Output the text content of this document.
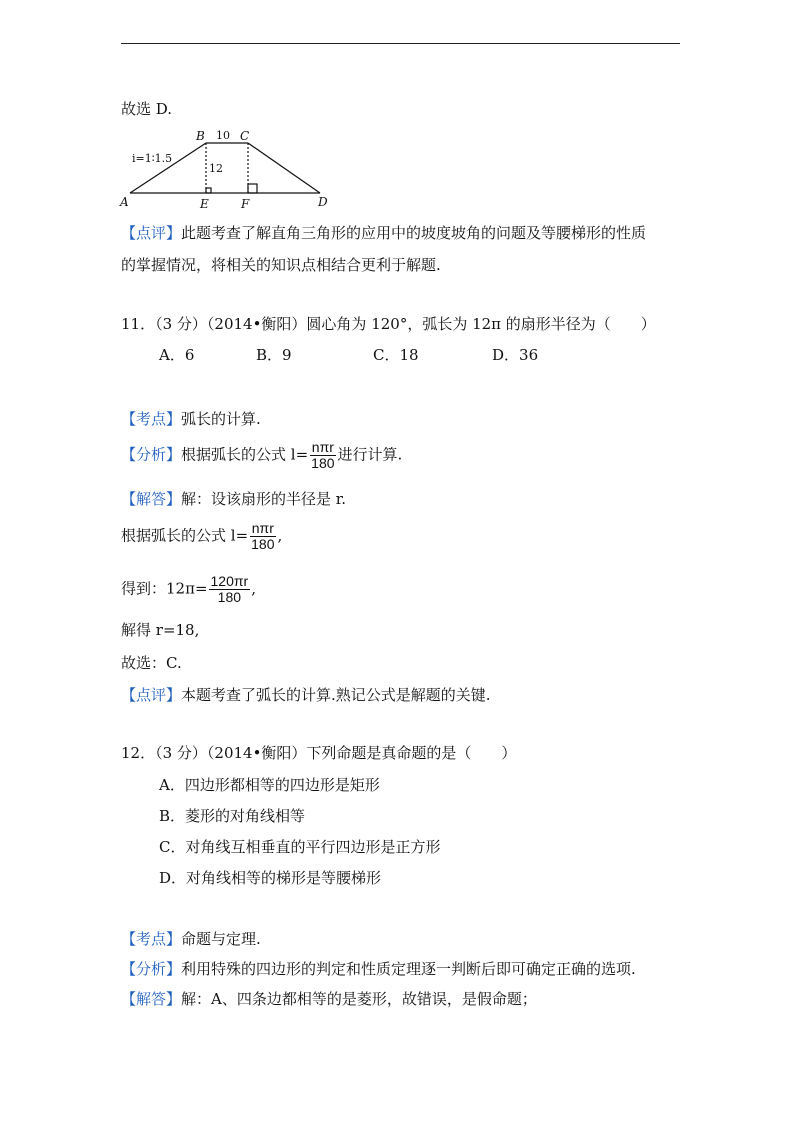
故选 D.
A
B	C
D
E	F
10
12
i=1∶1.5
【点评】此题考查了解直角三角形的应用中的坡度坡角的问题及等腰梯形的性质
的掌握情况，将相关的知识点相结合更利于解题.
11．（3 分）（2014•衡阳）圆心角为 120°，弧长为 12π 的扇形半径为（　　）
A．6	B．9	C．18	D．36
【考点】弧长的计算.
【分析】根据弧长的公式 $l= \frac{\text{nπr}}{180}$ 进行计算.
【解答】解：设该扇形的半径是 r.
根据弧长的公式 $l= \frac{\text{nπr}}{180}$ ,
得到：$12\pi= \frac{120\pi r}{180}$ ,
解得 r=18,
故选：C.
【点评】本题考查了弧长的计算.熟记公式是解题的关键.
12．（3 分）（2014•衡阳）下列命题是真命题的是（　　）
A．四边形都相等的四边形是矩形
B．菱形的对角线相等
C．对角线互相垂直的平行四边形是正方形
D．对角线相等的梯形是等腰梯形
【考点】命题与定理.
【分析】利用特殊的四边形的判定和性质定理逐一判断后即可确定正确的选项.
【解答】解：A、四条边都相等的是菱形，故错误，是假命题；
